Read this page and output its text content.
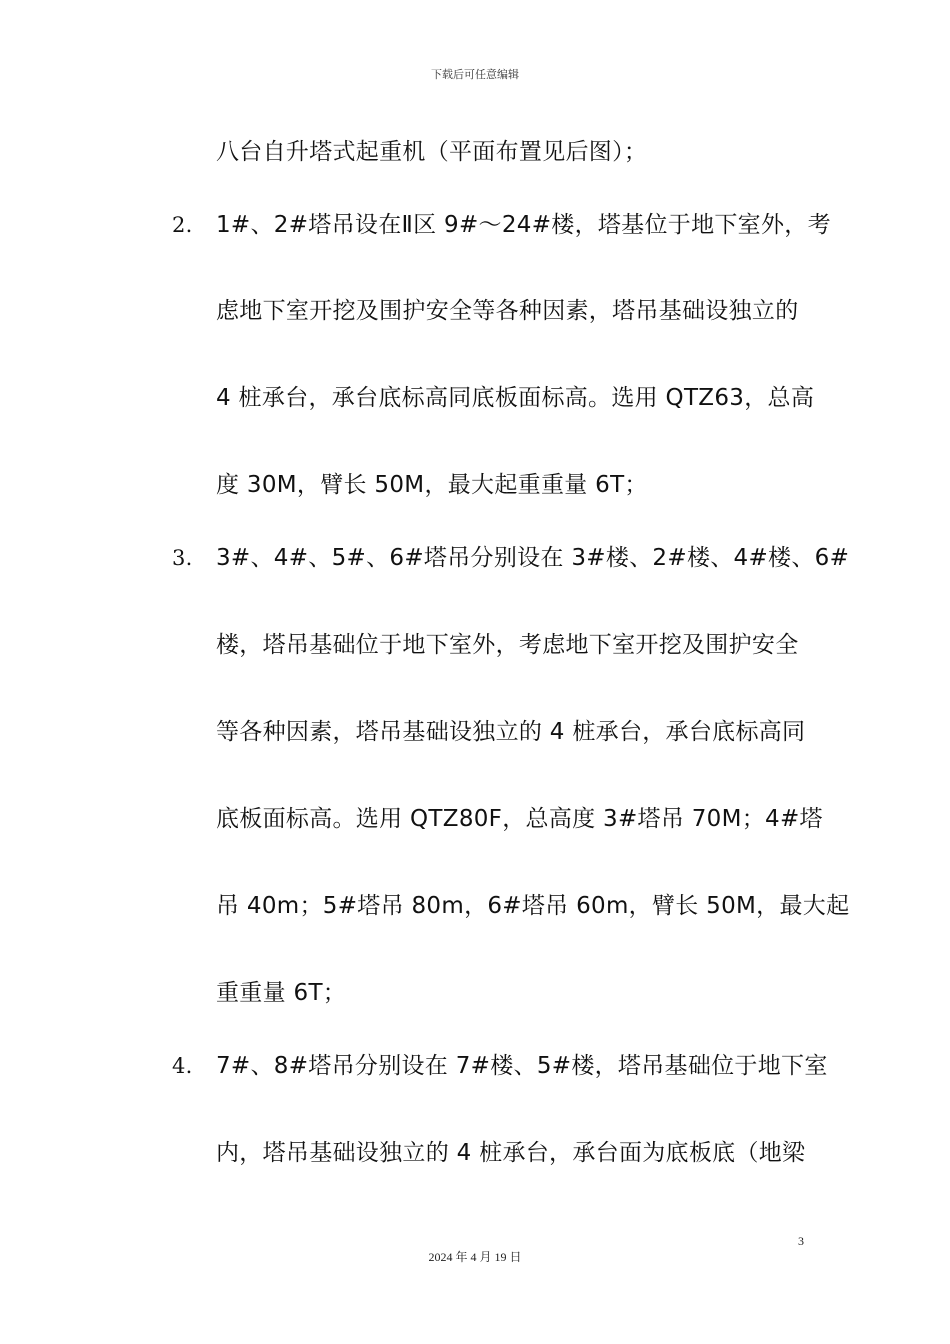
下载后可任意编辑
八台自升塔式起重机（平面布置见后图）；
2. 1#、2#塔吊设在Ⅱ区 9#～24#楼，塔基位于地下室外，考
虑地下室开挖及围护安全等各种因素，塔吊基础设独立的
4 桩承台，承台底标高同底板面标高。选用 QTZ63，总高
度 30M，臂长 50M，最大起重重量 6T；
3. 3#、4#、5#、6#塔吊分别设在 3#楼、2#楼、4#楼、6#
楼，塔吊基础位于地下室外，考虑地下室开挖及围护安全
等各种因素，塔吊基础设独立的 4 桩承台，承台底标高同
底板面标高。选用 QTZ80F，总高度 3#塔吊 70M；4#塔
吊 40m；5#塔吊 80m，6#塔吊 60m，臂长 50M，最大起
重重量 6T；
4. 7#、8#塔吊分别设在 7#楼、5#楼，塔吊基础位于地下室
内，塔吊基础设独立的 4 桩承台，承台面为底板底（地梁
3
2024 年 4 月 19 日
